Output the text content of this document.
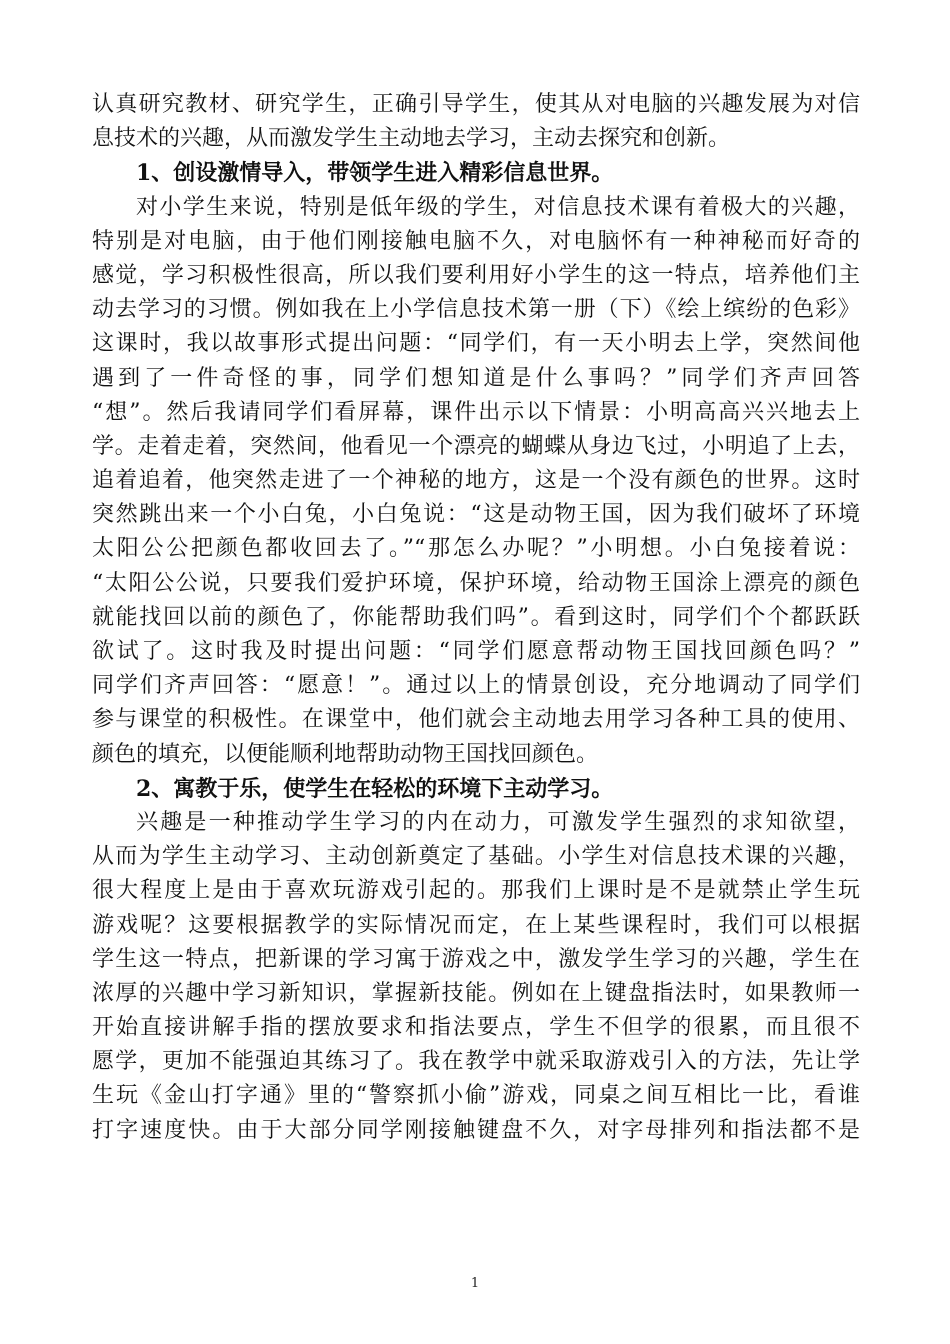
认真研究教材、研究学生，正确引导学生，使其从对电脑的兴趣发展为对信
息技术的兴趣，从而激发学生主动地去学习，主动去探究和创新。
1、创设激情导入，带领学生进入精彩信息世界。
对小学生来说，特别是低年级的学生，对信息技术课有着极大的兴趣，
特别是对电脑，由于他们刚接触电脑不久，对电脑怀有一种神秘而好奇的
感觉，学习积极性很高，所以我们要利用好小学生的这一特点，培养他们主
动去学习的习惯。例如我在上小学信息技术第一册（下）《绘上缤纷的色彩》
这课时，我以故事形式提出问题：“同学们，有一天小明去上学，突然间他
遇到了一件奇怪的事，同学们想知道是什么事吗？”同学们齐声回答
“想”。然后我请同学们看屏幕，课件出示以下情景：小明高高兴兴地去上
学。走着走着，突然间，他看见一个漂亮的蝴蝶从身边飞过，小明追了上去，
追着追着，他突然走进了一个神秘的地方，这是一个没有颜色的世界。这时
突然跳出来一个小白兔，小白兔说：“这是动物王国，因为我们破坏了环境
太阳公公把颜色都收回去了。”“那怎么办呢？”小明想。小白兔接着说：
“太阳公公说，只要我们爱护环境，保护环境，给动物王国涂上漂亮的颜色
就能找回以前的颜色了，你能帮助我们吗”。看到这时，同学们个个都跃跃
欲试了。这时我及时提出问题：“同学们愿意帮动物王国找回颜色吗？”
同学们齐声回答：“愿意！”。通过以上的情景创设，充分地调动了同学们
参与课堂的积极性。在课堂中，他们就会主动地去用学习各种工具的使用、
颜色的填充，以便能顺利地帮助动物王国找回颜色。
2、寓教于乐，使学生在轻松的环境下主动学习。
兴趣是一种推动学生学习的内在动力，可激发学生强烈的求知欲望，
从而为学生主动学习、主动创新奠定了基础。小学生对信息技术课的兴趣，
很大程度上是由于喜欢玩游戏引起的。那我们上课时是不是就禁止学生玩
游戏呢？这要根据教学的实际情况而定，在上某些课程时，我们可以根据
学生这一特点，把新课的学习寓于游戏之中，激发学生学习的兴趣，学生在
浓厚的兴趣中学习新知识，掌握新技能。例如在上键盘指法时，如果教师一
开始直接讲解手指的摆放要求和指法要点，学生不但学的很累，而且很不
愿学，更加不能强迫其练习了。我在教学中就采取游戏引入的方法，先让学
生玩《金山打字通》里的“警察抓小偷”游戏，同桌之间互相比一比，看谁
打字速度快。由于大部分同学刚接触键盘不久，对字母排列和指法都不是
1
